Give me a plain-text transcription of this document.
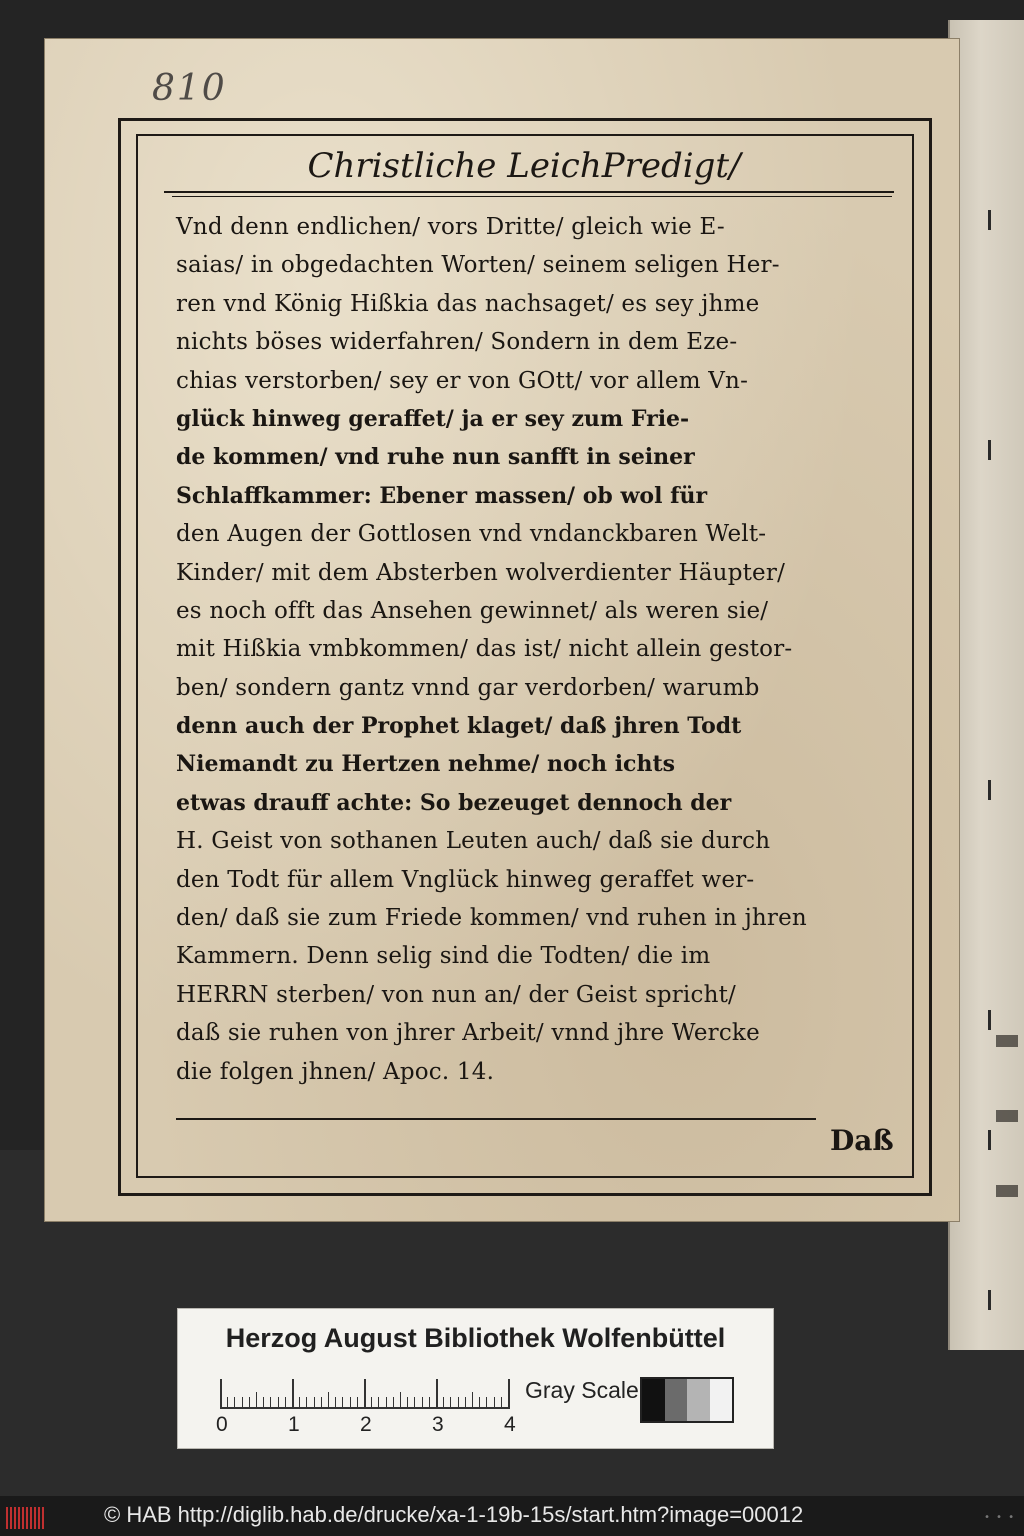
810
Christliche LeichPredigt/
Vnd denn endlichen/ vors Dritte/ gleich wie E-
saias/ in obgedachten Worten/ seinem seligen Her-
ren vnd König Hißkia das nachsaget/ es sey jhme
nichts böses widerfahren/ Sondern in dem Eze-
chias verstorben/ sey er von GOtt/ vor allem Vn-
glück hinweg geraffet/ ja er sey zum Frie-
de kommen/ vnd ruhe nun sanfft in seiner
Schlaffkammer: Ebener massen/ ob wol für
den Augen der Gottlosen vnd vndanckbaren Welt-
Kinder/ mit dem Absterben wolverdienter Häupter/
es noch offt das Ansehen gewinnet/ als weren sie/
mit Hißkia vmbkommen/ das ist/ nicht allein gestor-
ben/ sondern gantz vnnd gar verdorben/ warumb
denn auch der Prophet klaget/ daß jhren Todt
Niemandt zu Hertzen nehme/ noch ichts
etwas drauff achte: So bezeuget dennoch der
H. Geist von sothanen Leuten auch/ daß sie durch
den Todt für allem Vnglück hinweg geraffet wer-
den/ daß sie zum Friede kommen/ vnd ruhen in jhren
Kammern. Denn selig sind die Todten/ die im
HERRN sterben/ von nun an/ der Geist spricht/
daß sie ruhen von jhrer Arbeit/ vnnd jhre Wercke
die folgen jhnen/ Apoc. 14.
Daß
Herzog August Bibliothek Wolfenbüttel
0	1	2	3	4
Gray Scale
© HAB http://diglib.hab.de/drucke/xa-1-19b-15s/start.htm?image=00012	• • •
